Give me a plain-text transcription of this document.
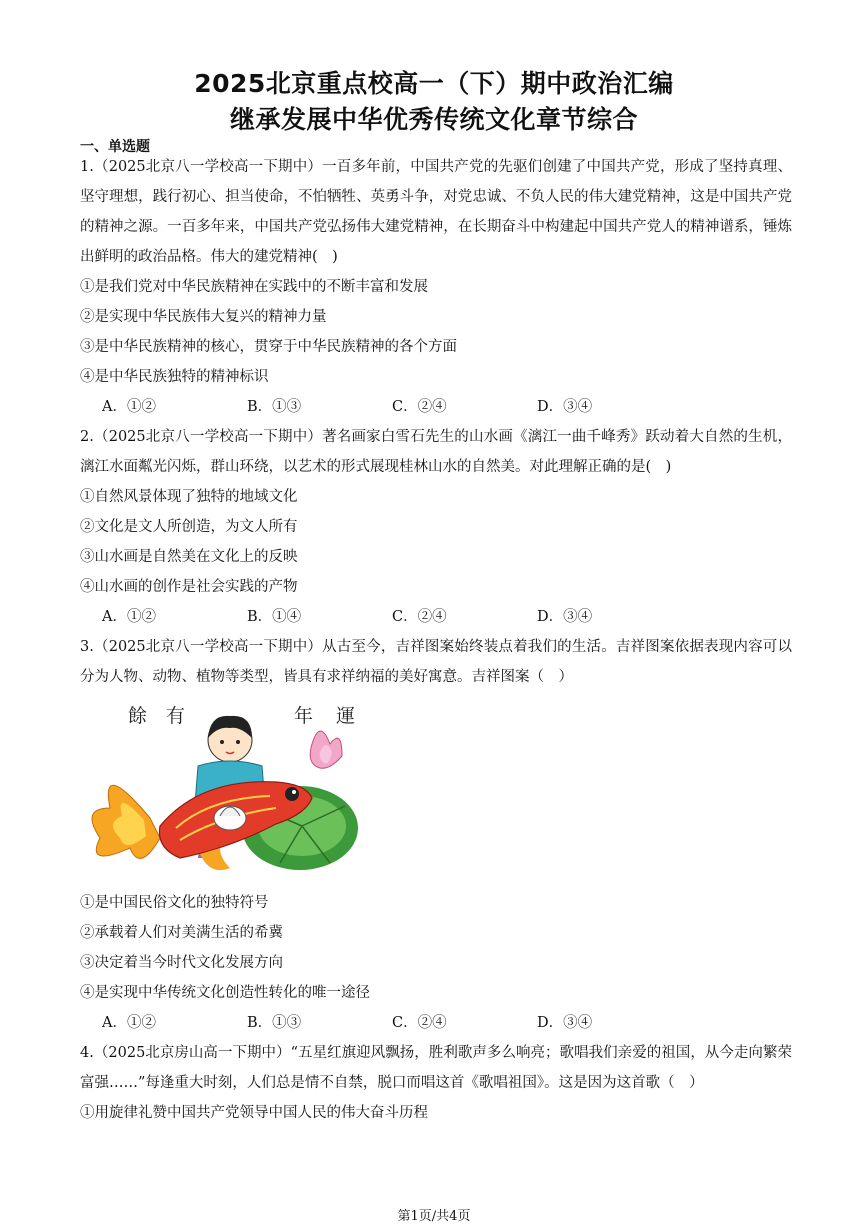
2025北京重点校高一（下）期中政治汇编
继承发展中华优秀传统文化章节综合
一、单选题

1.（2025北京八一学校高一下期中）一百多年前，中国共产党的先驱们创建了中国共产党，形成了坚持真理、坚守理想，践行初心、担当使命，不怕牺牲、英勇斗争，对党忠诚、不负人民的伟大建党精神，这是中国共产党的精神之源。一百多年来，中国共产党弘扬伟大建党精神，在长期奋斗中构建起中国共产党人的精神谱系，锤炼出鲜明的政治品格。伟大的建党精神(　)

①是我们党对中华民族精神在实践中的不断丰富和发展

②是实现中华民族伟大复兴的精神力量

③是中华民族精神的核心，贯穿于中华民族精神的各个方面

④是中华民族独特的精神标识

A．①②	B．①③	C．②④	D．③④

2.（2025北京八一学校高一下期中）著名画家白雪石先生的山水画《漓江一曲千峰秀》跃动着大自然的生机，漓江水面粼光闪烁，群山环绕，以艺术的形式展现桂林山水的自然美。对此理解正确的是(　)

①自然风景体现了独特的地域文化

②文化是文人所创造，为文人所有

③山水画是自然美在文化上的反映

④山水画的创作是社会实践的产物

A．①②	B．①④	C．②④	D．③④

3.（2025北京八一学校高一下期中）从古至今，吉祥图案始终装点着我们的生活。吉祥图案依据表现内容可以分为人物、动物、植物等类型，皆具有求祥纳福的美好寓意。吉祥图案（　）

餘 有	年 運

①是中国民俗文化的独特符号

②承载着人们对美满生活的希冀

③决定着当今时代文化发展方向

④是实现中华传统文化创造性转化的唯一途径

A．①②	B．①③	C．②④	D．③④

4.（2025北京房山高一下期中）“五星红旗迎风飘扬，胜利歌声多么响亮；歌唱我们亲爱的祖国，从今走向繁荣富强……”每逢重大时刻，人们总是情不自禁，脱口而唱这首《歌唱祖国》。这是因为这首歌（　）

①用旋律礼赞中国共产党领导中国人民的伟大奋斗历程

第1页/共4页
